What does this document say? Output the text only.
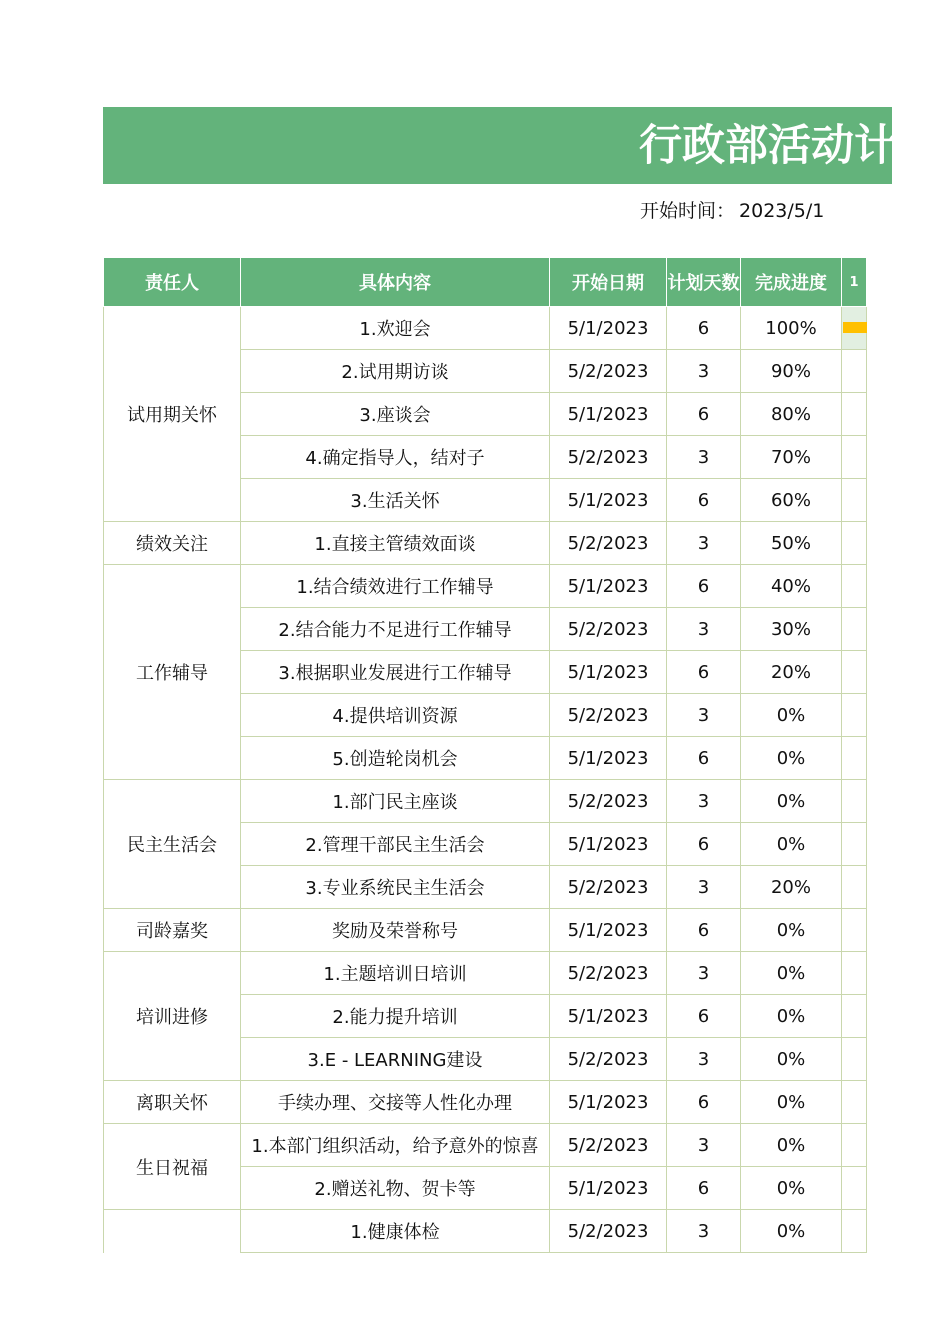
行政部活动计划
开始时间： 2023/5/1
责任人	具体内容	开始日期	计划天数	完成进度	1
试用期关怀	1.欢迎会	5/1/2023	6	100%	

	2.试用期访谈	5/2/2023	3	90%	
	3.座谈会	5/1/2023	6	80%	
	4.确定指导人，结对子	5/2/2023	3	70%	
	3.生活关怀	5/1/2023	6	60%	
绩效关注	1.直接主管绩效面谈	5/2/2023	3	50%	
工作辅导	1.结合绩效进行工作辅导	5/1/2023	6	40%	
	2.结合能力不足进行工作辅导	5/2/2023	3	30%	
	3.根据职业发展进行工作辅导	5/1/2023	6	20%	
	4.提供培训资源	5/2/2023	3	0%	
	5.创造轮岗机会	5/1/2023	6	0%	
民主生活会	1.部门民主座谈	5/2/2023	3	0%	
	2.管理干部民主生活会	5/1/2023	6	0%	
	3.专业系统民主生活会	5/2/2023	3	20%	
司龄嘉奖	奖励及荣誉称号	5/1/2023	6	0%	
培训进修	1.主题培训日培训	5/2/2023	3	0%	
	2.能力提升培训	5/1/2023	6	0%	
	3.E - LEARNING建设	5/2/2023	3	0%	
离职关怀	手续办理、交接等人性化办理	5/1/2023	6	0%	
生日祝福	1.本部门组织活动，给予意外的惊喜	5/2/2023	3	0%	
	2.赠送礼物、贺卡等	5/1/2023	6	0%	
	1.健康体检	5/2/2023	3	0%	
